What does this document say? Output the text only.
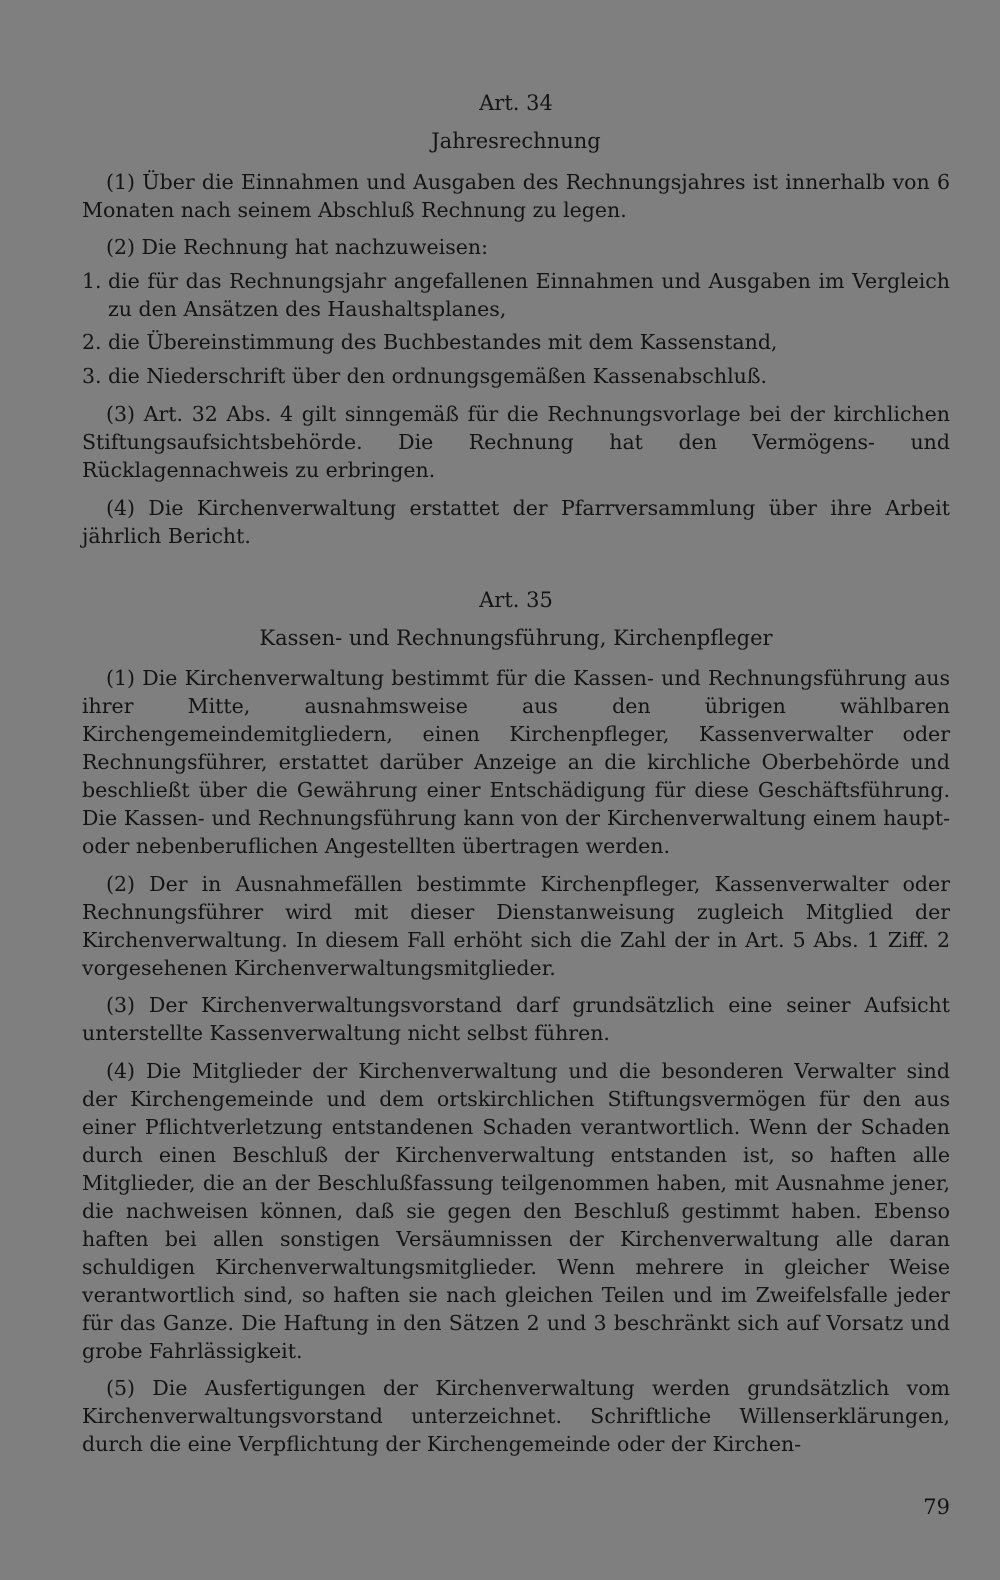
Art. 34
Jahresrechnung

(1) Über die Einnahmen und Ausgaben des Rechnungsjahres ist innerhalb von 6 Monaten nach seinem Abschluß Rechnung zu legen.

(2) Die Rechnung hat nachzuweisen:

1. die für das Rechnungsjahr angefallenen Einnahmen und Ausgaben im Vergleich zu den Ansätzen des Haushaltsplanes,
2. die Übereinstimmung des Buchbestandes mit dem Kassenstand,
3. die Niederschrift über den ordnungsgemäßen Kassenabschluß.

(3) Art. 32 Abs. 4 gilt sinngemäß für die Rechnungsvorlage bei der kirchlichen Stiftungsaufsichtsbehörde. Die Rechnung hat den Vermögens- und Rücklagennachweis zu erbringen.

(4) Die Kirchenverwaltung erstattet der Pfarrversammlung über ihre Arbeit jährlich Bericht.

Art. 35
Kassen- und Rechnungsführung, Kirchenpfleger

(1) Die Kirchenverwaltung bestimmt für die Kassen- und Rechnungsführung aus ihrer Mitte, ausnahmsweise aus den übrigen wählbaren Kirchengemeindemitgliedern, einen Kirchenpfleger, Kassenverwalter oder Rechnungsführer, erstattet darüber Anzeige an die kirchliche Oberbehörde und beschließt über die Gewährung einer Entschädigung für diese Geschäftsführung. Die Kassen- und Rechnungsführung kann von der Kirchenverwaltung einem haupt- oder nebenberuflichen Angestellten übertragen werden.

(2) Der in Ausnahmefällen bestimmte Kirchenpfleger, Kassenverwalter oder Rechnungsführer wird mit dieser Dienstanweisung zugleich Mitglied der Kirchenverwaltung. In diesem Fall erhöht sich die Zahl der in Art. 5 Abs. 1 Ziff. 2 vorgesehenen Kirchenverwaltungsmitglieder.

(3) Der Kirchenverwaltungsvorstand darf grundsätzlich eine seiner Aufsicht unterstellte Kassenverwaltung nicht selbst führen.

(4) Die Mitglieder der Kirchenverwaltung und die besonderen Verwalter sind der Kirchengemeinde und dem ortskirchlichen Stiftungsvermögen für den aus einer Pflichtverletzung entstandenen Schaden verantwortlich. Wenn der Schaden durch einen Beschluß der Kirchenverwaltung entstanden ist, so haften alle Mitglieder, die an der Beschlußfassung teilgenommen haben, mit Ausnahme jener, die nachweisen können, daß sie gegen den Beschluß gestimmt haben. Ebenso haften bei allen sonstigen Versäumnissen der Kirchenverwaltung alle daran schuldigen Kirchenverwaltungsmitglieder. Wenn mehrere in gleicher Weise verantwortlich sind, so haften sie nach gleichen Teilen und im Zweifelsfalle jeder für das Ganze. Die Haftung in den Sätzen 2 und 3 beschränkt sich auf Vorsatz und grobe Fahrlässigkeit.

(5) Die Ausfertigungen der Kirchenverwaltung werden grundsätzlich vom Kirchenverwaltungsvorstand unterzeichnet. Schriftliche Willenserklärungen, durch die eine Verpflichtung der Kirchengemeinde oder der Kirchen-

79
